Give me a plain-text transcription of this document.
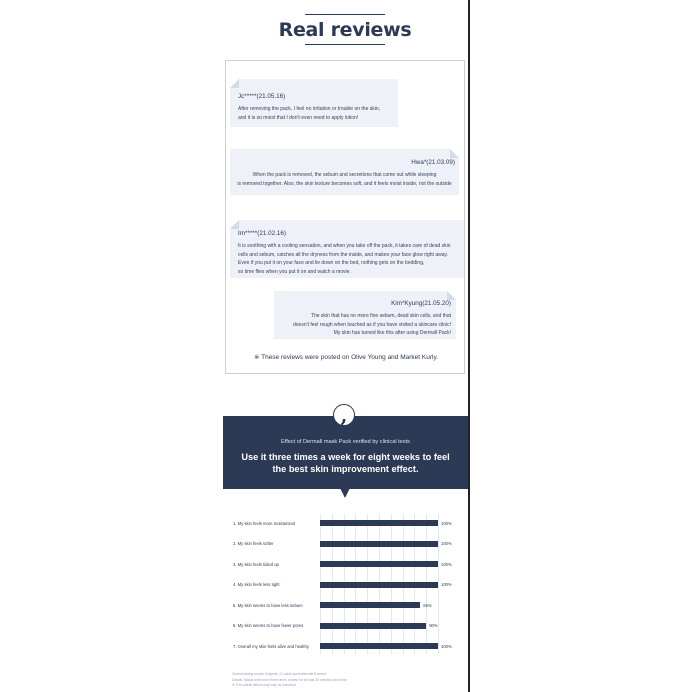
Real reviews
Jc*****(21.05.16)
After removing the pack, I feel no irritation or trouble on the skin,
and it is so moist that I don't even need to apply lotion!
Hwa*(21.03.09)
When the pack is removed, the sebum and secretions that come out while sleeping
is removed together. Also, the skin texture becomes soft, and it feels moist inside, not the outside
Im*****(21.02.16)
It is soothing with a cooling sensation, and when you take off the pack, it takes care of dead skin
cells and sebum, catches all the dryness from the inside, and makes your face glow right away.
Even if you put it on your face and lie down on the bed, nothing gets on the bedding,
so time flies when you put it on and watch a movie.
Kim*Kyung(21.05.20)
The skin that has no more fine sebum, dead skin cells, and that
doesn't feel rough when touched as if you have visited a skincare clinic!
My skin has turned like this after using Dermall Pack!
※ These reviews were posted on Olive Young and Market Kurly.
Effect of Dermall mask Pack verified by clinical tests
Use it three times a week for eight weeks to feel
the best skin improvement effect.
,
1. My skin feels more moisturized	100%
2. My skin feels softer	100%
3. My skin feels tidied up	100%
4. My skin feels less tight	100%
5. My skin seems to have less sebum	85%
6. My skin seems to have fewer pores	90%
7. Overall my skin feels alive and healthy	100%
Clinical testing results Subjects: 21 adult women/female 8 weeks
Details: Masks were worn three times a week for at least 20 minutes each time
※ The overall effects may vary by individual
